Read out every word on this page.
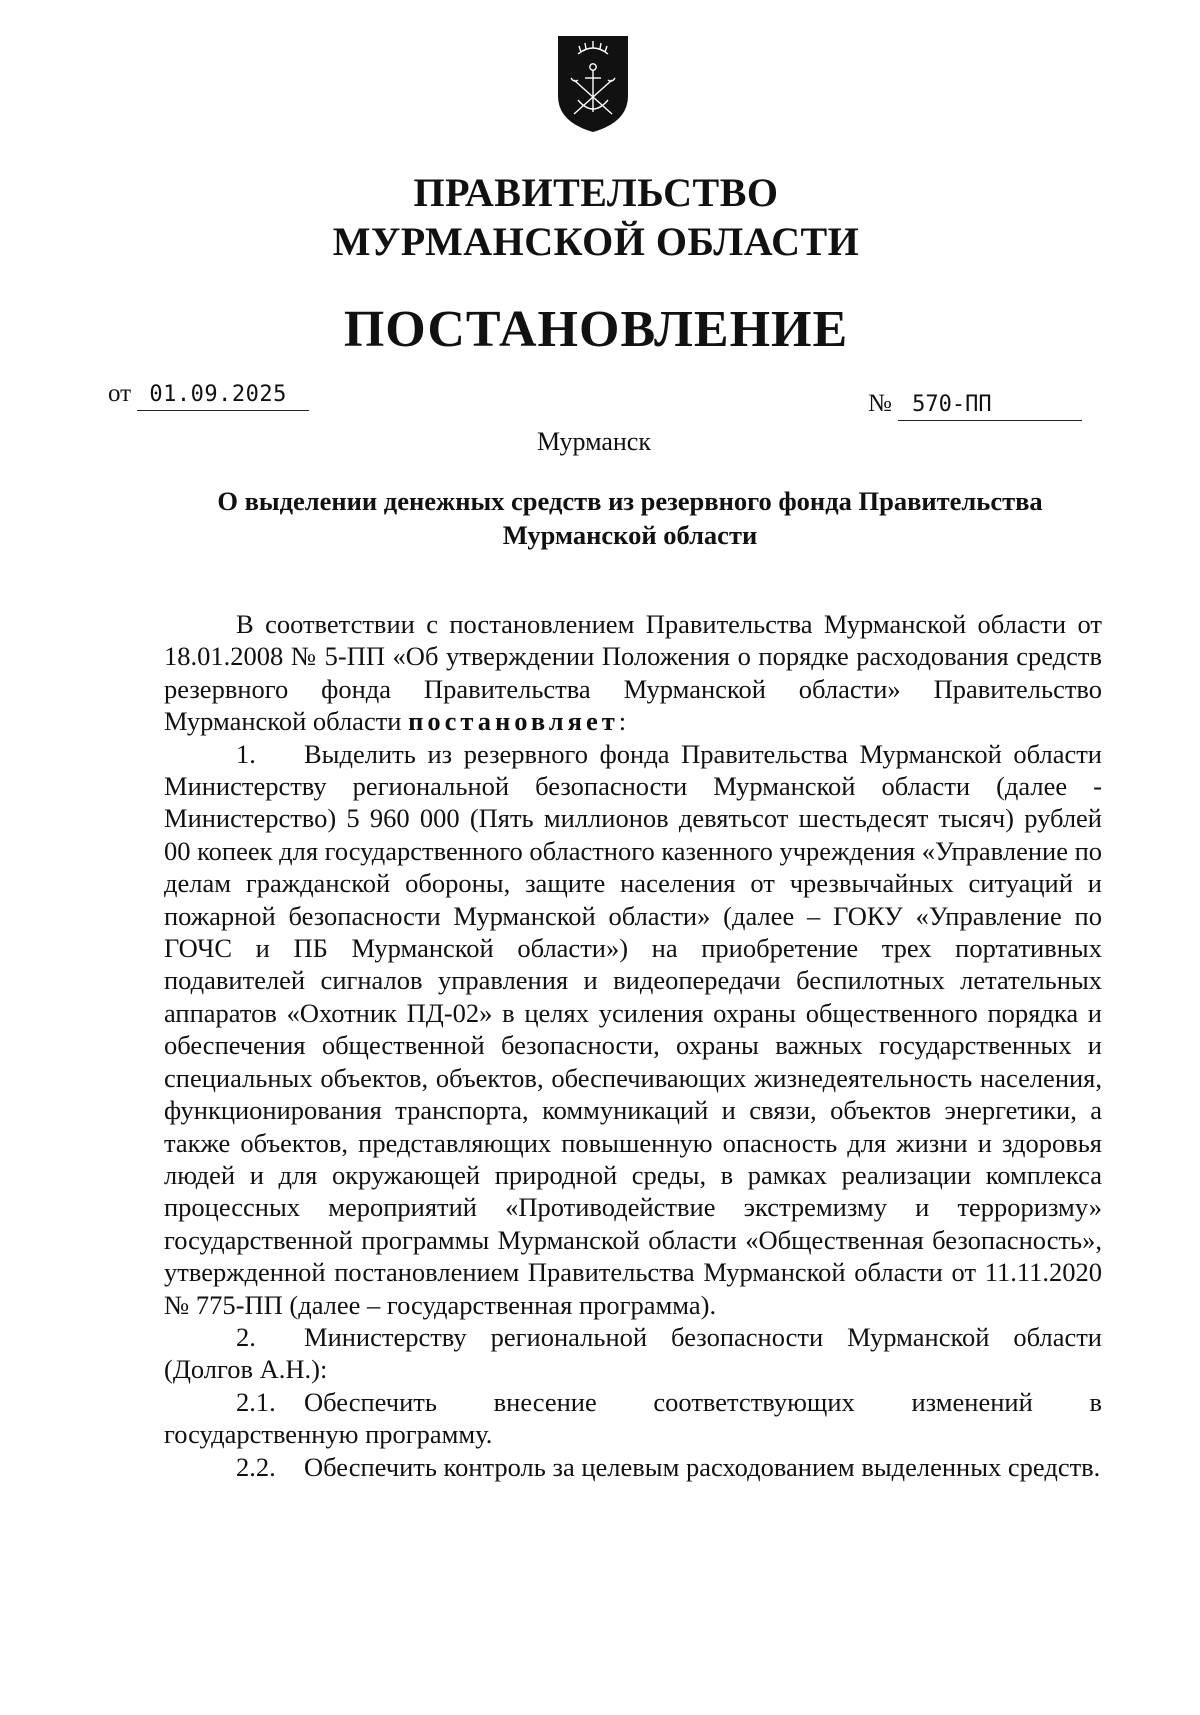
ПРАВИТЕЛЬСТВО
МУРМАНСКОЙ ОБЛАСТИ
ПОСТАНОВЛЕНИЕ
от 01.09.2025	№ 570-ПП
Мурманск
О выделении денежных средств из резервного фонда Правительства
Мурманской области

В соответствии с постановлением Правительства Мурманской области от 18.01.2008 № 5-ПП «Об утверждении Положения о порядке расходования средств резервного фонда Правительства Мурманской области» Правительство Мурманской области постановляет:

1. Выделить из резервного фонда Правительства Мурманской области Министерству региональной безопасности Мурманской области (далее - Министерство) 5 960 000 (Пять миллионов девятьсот шестьдесят тысяч) рублей 00 копеек для государственного областного казенного учреждения «Управление по делам гражданской обороны, защите населения от чрезвычайных ситуаций и пожарной безопасности Мурманской области» (далее – ГОКУ «Управление по ГОЧС и ПБ Мурманской области») на приобретение трех портативных подавителей сигналов управления и видеопередачи беспилотных летательных аппаратов «Охотник ПД-02» в целях усиления охраны общественного порядка и обеспечения общественной безопасности, охраны важных государственных и специальных объектов, объектов, обеспечивающих жизнедеятельность населения, функционирования транспорта, коммуникаций и связи, объектов энергетики, а также объектов, представляющих повышенную опасность для жизни и здоровья людей и для окружающей природной среды, в рамках реализации комплекса процессных мероприятий «Противодействие экстремизму и терроризму» государственной программы Мурманской области «Общественная безопасность», утвержденной постановлением Правительства Мурманской области от 11.11.2020 № 775-ПП (далее – государственная программа).

2. Министерству региональной безопасности Мурманской области (Долгов А.Н.):

2.1. Обеспечить внесение соответствующих изменений в государственную программу.

2.2. Обеспечить контроль за целевым расходованием выделенных средств.
